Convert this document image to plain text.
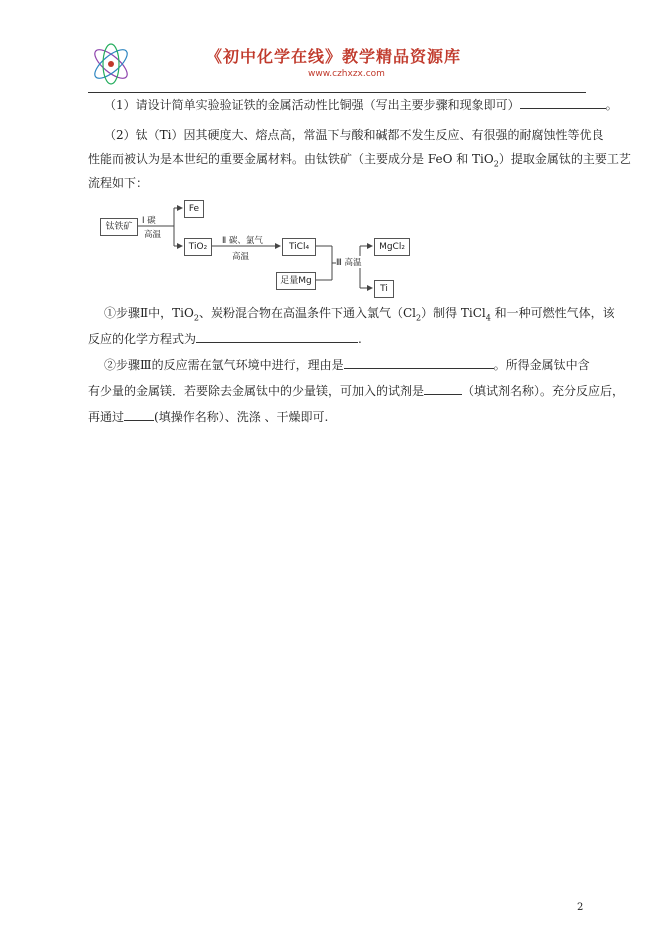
《初中化学在线》教学精品资源库
www.czhxzx.com
（1）请设计简单实验验证铁的金属活动性比铜强（写出主要步骤和现象即可）	。
（2）钛（Ti）因其硬度大、熔点高，常温下与酸和碱都不发生反应、有很强的耐腐蚀性等优良
性能而被认为是本世纪的重要金属材料。由钛铁矿（主要成分是 FeO 和 TiO$_2$）提取金属钛的主要工艺
流程如下：
钛铁矿
Ⅰ 碳
高温
Fe
TiO₂
Ⅱ 碳、氯气
高温
TiCl₄
足量Mg
Ⅲ 高温
MgCl₂
Ti
①步骤Ⅱ中，TiO$_2$、炭粉混合物在高温条件下通入氯气$(Cl_2)$制得 TiCl$_4$ 和一种可燃性气体，该
反应的化学方程式为	.
②步骤Ⅲ的反应需在氩气环境中进行，理由是	。所得金属钛中含
有少量的金属镁．若要除去金属钛中的少量镁，可加入的试剂是	（填试剂名称）。充分反应后，
再通过	(填操作名称）、洗涤 、干燥即可.
2
